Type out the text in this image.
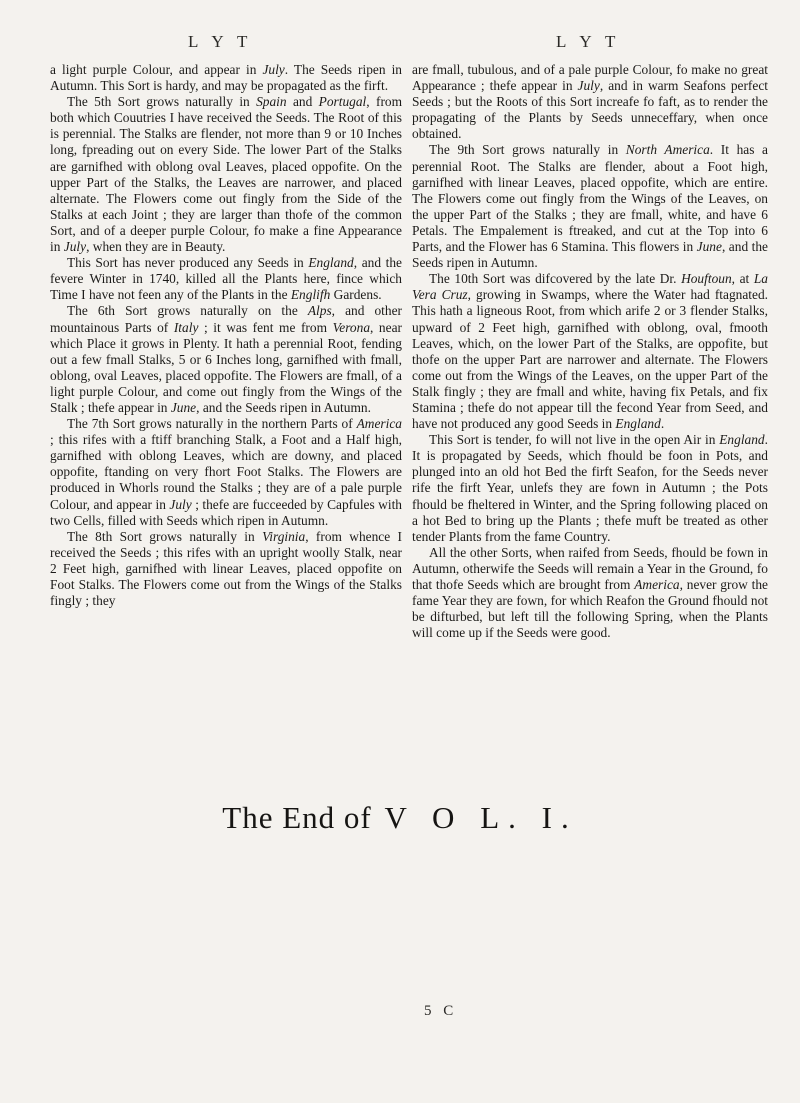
L Y T	L Y T

a light purple Colour, and appear in July. The Seeds ripen in Autumn. This Sort is hardy, and may be propagated as the firft.

The 5th Sort grows naturally in Spain and Portugal, from both which Couutries I have received the Seeds. The Root of this is perennial. The Stalks are flender, not more than 9 or 10 Inches long, fpreading out on every Side. The lower Part of the Stalks are garnifhed with oblong oval Leaves, placed oppofite. On the upper Part of the Stalks, the Leaves are narrower, and placed alternate. The Flowers come out fingly from the Side of the Stalks at each Joint ; they are larger than thofe of the common Sort, and of a deeper purple Colour, fo make a fine Appearance in July, when they are in Beauty.

This Sort has never produced any Seeds in England, and the fevere Winter in 1740, killed all the Plants here, fince which Time I have not feen any of the Plants in the Englifh Gardens.

The 6th Sort grows naturally on the Alps, and other mountainous Parts of Italy ; it was fent me from Verona, near which Place it grows in Plenty. It hath a perennial Root, fending out a few fmall Stalks, 5 or 6 Inches long, garnifhed with fmall, oblong, oval Leaves, placed oppofite. The Flowers are fmall, of a light purple Colour, and come out fingly from the Wings of the Stalk ; thefe appear in June, and the Seeds ripen in Autumn.

The 7th Sort grows naturally in the northern Parts of America ; this rifes with a ftiff branching Stalk, a Foot and a Half high, garnifhed with oblong Leaves, which are downy, and placed oppofite, ftanding on very fhort Foot Stalks. The Flowers are produced in Whorls round the Stalks ; they are of a pale purple Colour, and appear in July ; thefe are fucceeded by Capfules with two Cells, filled with Seeds which ripen in Autumn.

The 8th Sort grows naturally in Virginia, from whence I received the Seeds ; this rifes with an upright woolly Stalk, near 2 Feet high, garnifhed with linear Leaves, placed oppofite on Foot Stalks. The Flowers come out from the Wings of the Stalks fingly ; they

are fmall, tubulous, and of a pale purple Colour, fo make no great Appearance ; thefe appear in July, and in warm Seafons perfect Seeds ; but the Roots of this Sort increafe fo faft, as to render the propagating of the Plants by Seeds unneceffary, when once obtained.

The 9th Sort grows naturally in North America. It has a perennial Root. The Stalks are flender, about a Foot high, garnifhed with linear Leaves, placed oppofite, which are entire. The Flowers come out fingly from the Wings of the Leaves, on the upper Part of the Stalks ; they are fmall, white, and have 6 Petals. The Empalement is ftreaked, and cut at the Top into 6 Parts, and the Flower has 6 Stamina. This flowers in June, and the Seeds ripen in Autumn.

The 10th Sort was difcovered by the late Dr. Houftoun, at La Vera Cruz, growing in Swamps, where the Water had ftagnated. This hath a ligneous Root, from which arife 2 or 3 flender Stalks, upward of 2 Feet high, garnifhed with oblong, oval, fmooth Leaves, which, on the lower Part of the Stalks, are oppofite, but thofe on the upper Part are narrower and alternate. The Flowers come out from the Wings of the Leaves, on the upper Part of the Stalk fingly ; they are fmall and white, having fix Petals, and fix Stamina ; thefe do not appear till the fecond Year from Seed, and have not produced any good Seeds in England.

This Sort is tender, fo will not live in the open Air in England. It is propagated by Seeds, which fhould be foon in Pots, and plunged into an old hot Bed the firft Seafon, for the Seeds never rife the firft Year, unlefs they are fown in Autumn ; the Pots fhould be fheltered in Winter, and the Spring following placed on a hot Bed to bring up the Plants ; thefe muft be treated as other tender Plants from the fame Country.

All the other Sorts, when raifed from Seeds, fhould be fown in Autumn, otherwife the Seeds will remain a Year in the Ground, fo that thofe Seeds which are brought from America, never grow the fame Year they are fown, for which Reafon the Ground fhould not be difturbed, but left till the following Spring, when the Plants will come up if the Seeds were good.

The End of V O L. I.
5 C
